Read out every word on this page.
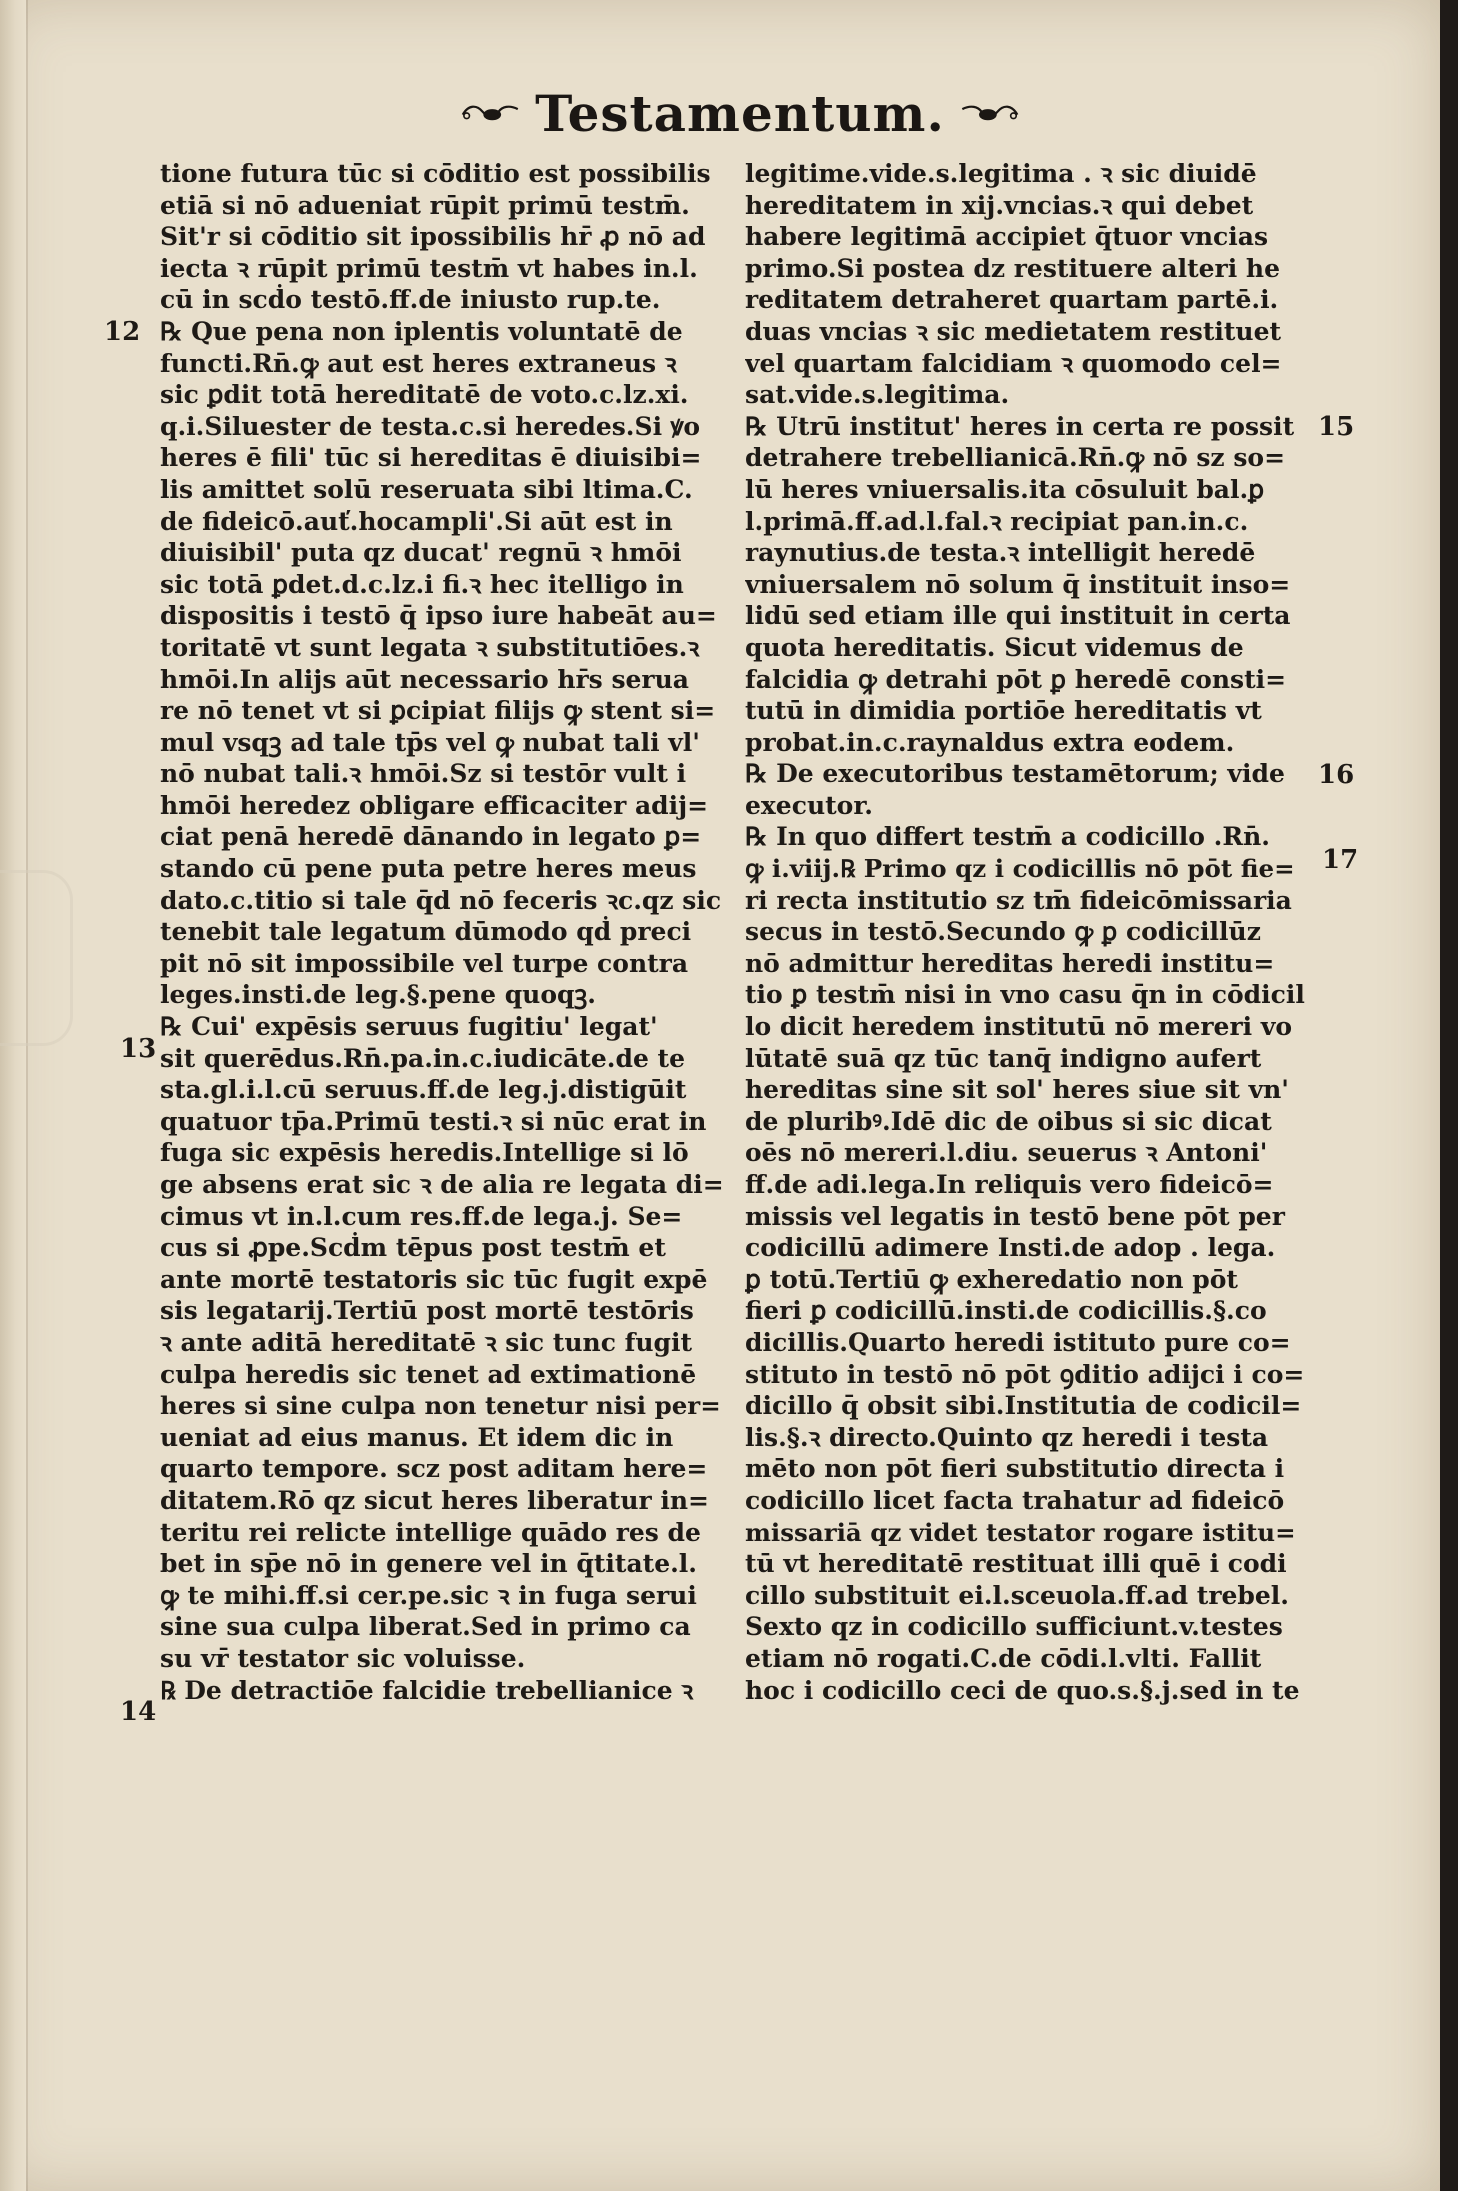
Testamentum.
tione futura tūc si cōditio est possibilis
etiā si nō adueniat rūpit primū testm̄.
Sit'r si cōditio sit ipossibilis hr̄ ꝓ nō ad
iecta ꝛ rūpit primū testm̄ vt habes in.l.
cū in scḋo testō.ff.de iniusto rup.te.
℞ Que pena non iplentis voluntatē de
functi.Rn̄.ꝙ aut est heres extraneus ꝛ
sic ꝑdit totā hereditatē de voto.c.lz.xi.
q.i.Siluester de testa.c.si heredes.Si ꝟo
heres ē fili' tūc si hereditas ē diuisibi=
lis amittet solū reseruata sibi ltima.C.
de fideicō.auť.hocampli'.Si aūt est in
diuisibil' puta qz ducat' regnū ꝛ hmōi
sic totā ꝑdet.d.c.lz.i fi.ꝛ hec itelligo in
dispositis i testō q̄ ipso iure habeāt au=
toritatē vt sunt legata ꝛ substitutiōes.ꝛ
hmōi.In alijs aūt necessario hr̄s serua
re nō tenet vt si ꝑcipiat filijs ꝙ stent si=
mul vsqꝫ ad tale tp̄s vel ꝙ nubat tali vl'
nō nubat tali.ꝛ hmōi.Sz si testōr vult i
hmōi heredez obligare efficaciter adij=
ciat penā heredē dānando in legato ꝑ=
stando cū pene puta petre heres meus
dato.c.titio si tale q̄d nō feceris ꝛc.qz sic
tenebit tale legatum dūmodo qḋ preci
pit nō sit impossibile vel turpe contra
leges.insti.de leg.§.pene quoqꝫ.
℞ Cui' expēsis seruus fugitiu' legat'
sit querēdus.Rn̄.pa.in.c.iudicāte.de te
sta.gl.i.l.cū seruus.ff.de leg.j.distigūit
quatuor tp̄a.Primū testi.ꝛ si nūc erat in
fuga sic expēsis heredis.Intellige si lō
ge absens erat sic ꝛ de alia re legata di=
cimus vt in.l.cum res.ff.de lega.j. Se=
cus si ꝓpe.Scḋm tēpus post testm̄ et
ante mortē testatoris sic tūc fugit expē
sis legatarij.Tertiū post mortē testōris
ꝛ ante aditā hereditatē ꝛ sic tunc fugit
culpa heredis sic tenet ad extimationē
heres si sine culpa non tenetur nisi per=
ueniat ad eius manus. Et idem dic in
quarto tempore. scz post aditam here=
ditatem.Rō qz sicut heres liberatur in=
teritu rei relicte intellige quādo res de
bet in sp̄e nō in genere vel in q̄titate.l.
ꝙ te mihi.ff.si cer.pe.sic ꝛ in fuga serui
sine sua culpa liberat.Sed in primo ca
su vr̄ testator sic voluisse.
℞ De detractiōe falcidie trebellianice ꝛ
legitime.vide.s.legitima . ꝛ sic diuidē
hereditatem in xij.vncias.ꝛ qui debet
habere legitimā accipiet q̄tuor vncias
primo.Si postea dz restituere alteri he
reditatem detraheret quartam partē.i.
duas vncias ꝛ sic medietatem restituet
vel quartam falcidiam ꝛ quomodo cel=
sat.vide.s.legitima.
℞ Utrū institut' heres in certa re possit
detrahere trebellianicā.Rn̄.ꝙ nō sz so=
lū heres vniuersalis.ita cōsuluit bal.ꝑ
l.primā.ff.ad.l.fal.ꝛ recipiat pan.in.c.
raynutius.de testa.ꝛ intelligit heredē
vniuersalem nō solum q̄ instituit inso=
lidū sed etiam ille qui instituit in certa
quota hereditatis. Sicut videmus de
falcidia ꝙ detrahi pōt ꝑ heredē consti=
tutū in dimidia portiōe hereditatis vt
probat.in.c.raynaldus extra eodem.
℞ De executoribus testamētorum; vide
executor.
℞ In quo differt testm̄ a codicillo .Rn̄.
ꝙ i.viij.℞ Primo qz i codicillis nō pōt fie=
ri recta institutio sz tm̄ fideicōmissaria
secus in testō.Secundo ꝙ ꝑ codicillūz
nō admittur hereditas heredi institu=
tio ꝑ testm̄ nisi in vno casu q̄n in cōdicil
lo dicit heredem institutū nō mereri vo
lūtatē suā qz tūc tanq̄ indigno aufert
hereditas sine sit sol' heres siue sit vn'
de pluribꝰ.Idē dic de oibus si sic dicat
oēs nō mereri.l.diu. seuerus ꝛ Antoni'
ff.de adi.lega.In reliquis vero fideicō=
missis vel legatis in testō bene pōt per
codicillū adimere Insti.de adop . lega.
ꝑ totū.Tertiū ꝙ exheredatio non pōt
fieri ꝑ codicillū.insti.de codicillis.§.co
dicillis.Quarto heredi istituto pure co=
stituto in testō nō pōt ꝯditio adijci i co=
dicillo q̄ obsit sibi.Institutia de codicil=
lis.§.ꝛ directo.Quinto qz heredi i testa
mēto non pōt fieri substitutio directa i
codicillo licet facta trahatur ad fideicō
missariā qz videt testator rogare istitu=
tū vt hereditatē restituat illi quē i codi
cillo substituit ei.l.sceuola.ff.ad trebel.
Sexto qz in codicillo sufficiunt.v.testes
etiam nō rogati.C.de cōdi.l.vlti. Fallit
hoc i codicillo ceci de quo.s.§.j.sed in te
12
13
14
15
16
17
